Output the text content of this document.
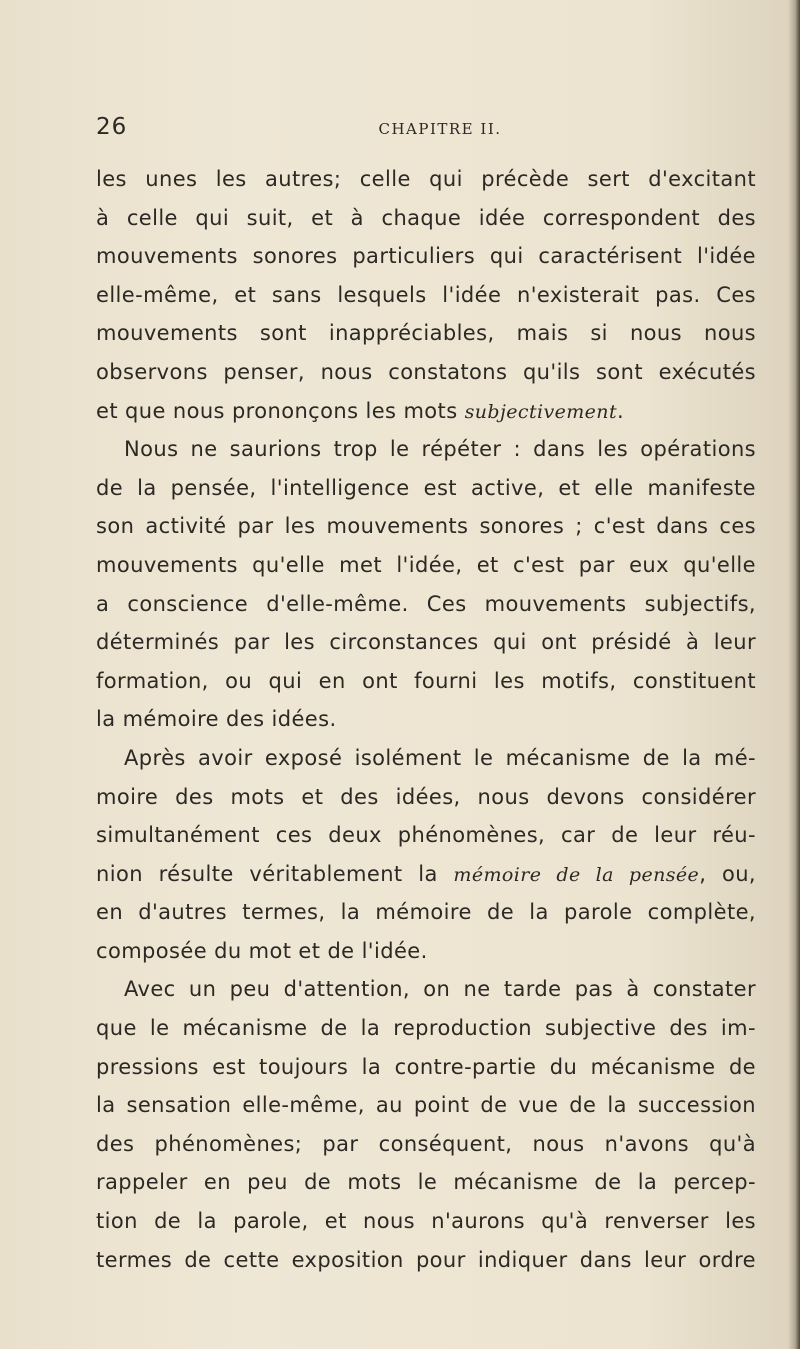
26	CHAPITRE II.
les unes les autres; celle qui précède sert d'excitant
à celle qui suit, et à chaque idée correspondent des
mouvements sonores particuliers qui caractérisent l'idée
elle-même, et sans lesquels l'idée n'existerait pas. Ces
mouvements sont inappréciables, mais si nous nous
observons penser, nous constatons qu'ils sont exécutés
et que nous prononçons les mots subjectivement.
Nous ne saurions trop le répéter : dans les opérations
de la pensée, l'intelligence est active, et elle manifeste
son activité par les mouvements sonores ; c'est dans ces
mouvements qu'elle met l'idée, et c'est par eux qu'elle
a conscience d'elle-même. Ces mouvements subjectifs,
déterminés par les circonstances qui ont présidé à leur
formation, ou qui en ont fourni les motifs, constituent
la mémoire des idées.
Après avoir exposé isolément le mécanisme de la mé-
moire des mots et des idées, nous devons considérer
simultanément ces deux phénomènes, car de leur réu-
nion résulte véritablement la mémoire de la pensée, ou,
en d'autres termes, la mémoire de la parole complète,
composée du mot et de l'idée.
Avec un peu d'attention, on ne tarde pas à constater
que le mécanisme de la reproduction subjective des im-
pressions est toujours la contre-partie du mécanisme de
la sensation elle-même, au point de vue de la succession
des phénomènes; par conséquent, nous n'avons qu'à
rappeler en peu de mots le mécanisme de la percep-
tion de la parole, et nous n'aurons qu'à renverser les
termes de cette exposition pour indiquer dans leur ordre
